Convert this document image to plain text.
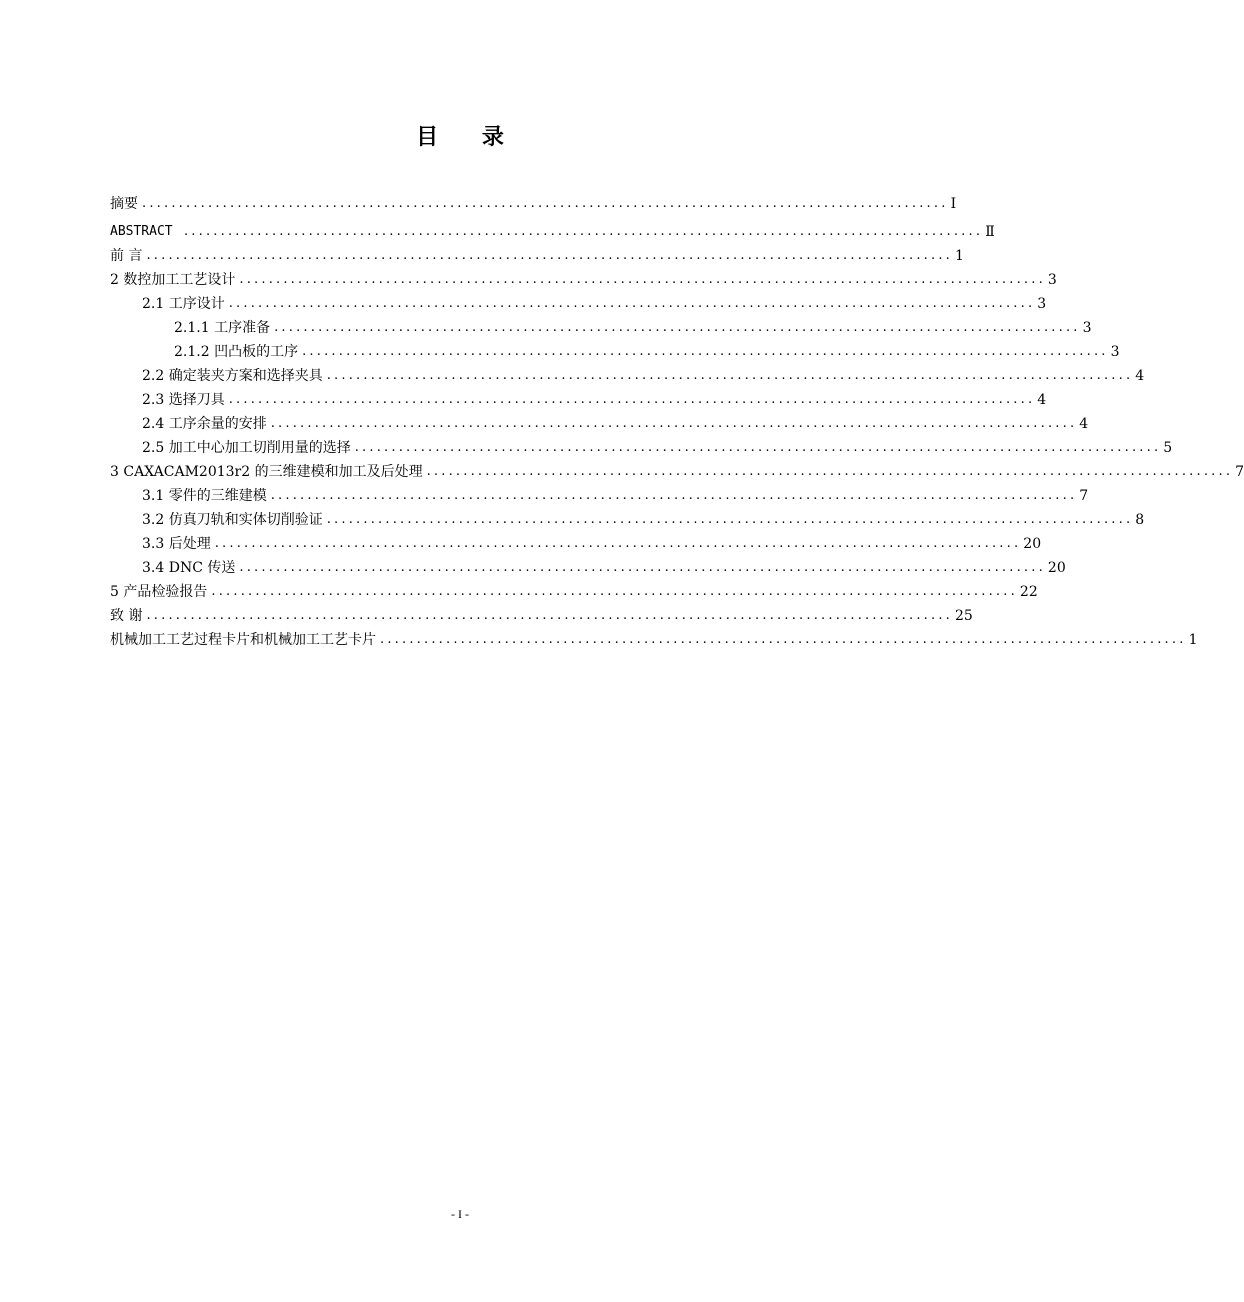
目 录
摘要 .............................................................................................................. Ⅰ
ABSTRACT ............................................................................................................. Ⅱ
前 言 .............................................................................................................. 1
2 数控加工工艺设计 .............................................................................................................. 3
2.1 工序设计 .............................................................................................................. 3
2.1.1 工序准备 .............................................................................................................. 3
2.1.2 凹凸板的工序 .............................................................................................................. 3
2.2 确定装夹方案和选择夹具 .............................................................................................................. 4
2.3 选择刀具 .............................................................................................................. 4
2.4 工序余量的安排 .............................................................................................................. 4
2.5 加工中心加工切削用量的选择 .............................................................................................................. 5
3 CAXACAM2013r2 的三维建模和加工及后处理 .............................................................................................................. 7
3.1 零件的三维建模 .............................................................................................................. 7
3.2 仿真刀轨和实体切削验证 .............................................................................................................. 8
3.3 后处理 .............................................................................................................. 20
3.4 DNC 传送 .............................................................................................................. 20
5 产品检验报告 .............................................................................................................. 22
致 谢 .............................................................................................................. 25
机械加工工艺过程卡片和机械加工工艺卡片 .............................................................................................................. 1
- I -
